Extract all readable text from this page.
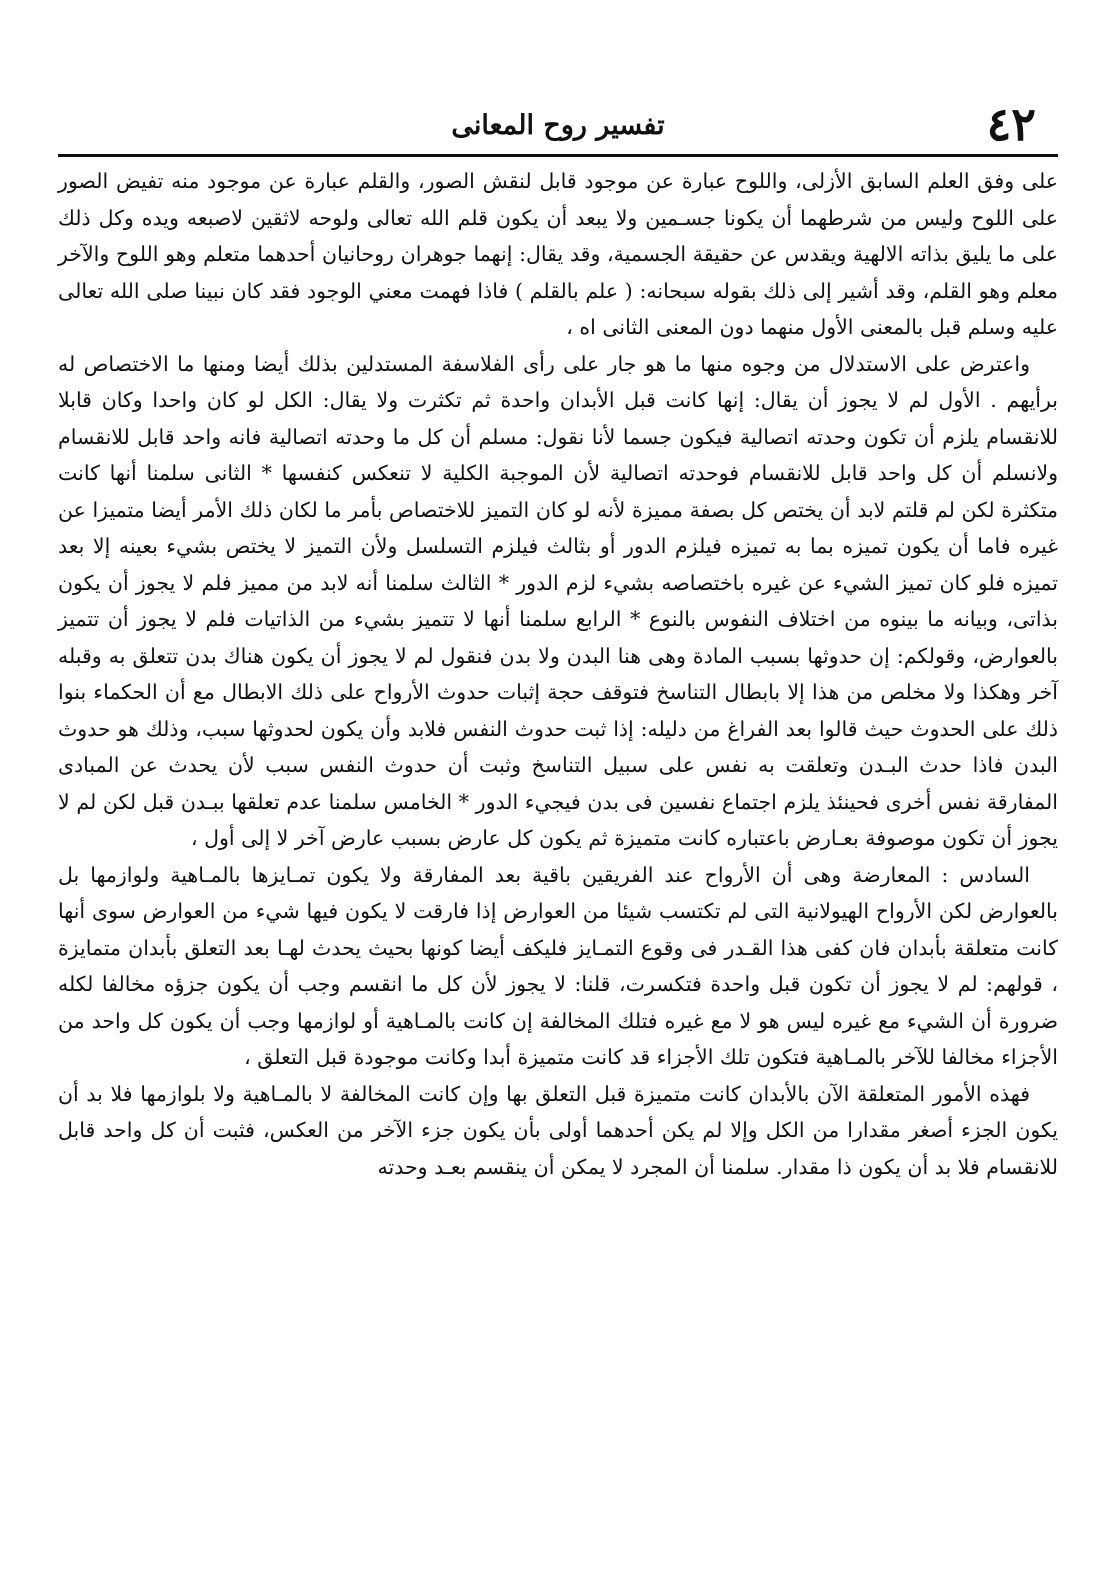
٤٢
تفسير روح المعانى

على وفق العلم السابق الأزلى، واللوح عبارة عن موجود قابل لنقش الصور، والقلم عبارة عن موجود منه تفيض الصور على اللوح وليس من شرطهما أن يكونا جسـمين ولا يبعد أن يكون قلم الله تعالى ولوحه لاثقين لاصبعه ويده وكل ذلك على ما يليق بذاته الالهية ويقدس عن حقيقة الجسمية، وقد يقال: إنهما جوهران روحانيان أحدهما متعلم وهو اللوح والآخر معلم وهو القلم، وقد أشير إلى ذلك بقوله سبحانه: ( علم بالقلم ) فاذا فهمت معني الوجود فقد كان نبينا صلى الله تعالى عليه وسلم قبل بالمعنى الأول منهما دون المعنى الثانى اه ،

واعترض على الاستدلال من وجوه منها ما هو جار على رأى الفلاسفة المستدلين بذلك أيضا ومنها ما الاختصاص له برأيهم . الأول لم لا يجوز أن يقال: إنها كانت قبل الأبدان واحدة ثم تكثرت ولا يقال: الكل لو كان واحدا وكان قابلا للانقسام يلزم أن تكون وحدته اتصالية فيكون جسما لأنا نقول: مسلم أن كل ما وحدته اتصالية فانه واحد قابل للانقسام ولانسلم أن كل واحد قابل للانقسام فوحدته اتصالية لأن الموجبة الكلية لا تنعكس كنفسها * الثانى سلمنا أنها كانت متكثرة لكن لم قلتم لابد أن يختص كل بصفة مميزة لأنه لو كان التميز للاختصاص بأمر ما لكان ذلك الأمر أيضا متميزا عن غيره فاما أن يكون تميزه بما به تميزه فيلزم الدور أو بثالث فيلزم التسلسل ولأن التميز لا يختص بشيء بعينه إلا بعد تميزه فلو كان تميز الشيء عن غيره باختصاصه بشيء لزم الدور * الثالث سلمنا أنه لابد من مميز فلم لا يجوز أن يكون بذاتى، وبيانه ما بينوه من اختلاف النفوس بالنوع * الرابع سلمنا أنها لا تتميز بشيء من الذاتيات فلم لا يجوز أن تتميز بالعوارض، وقولكم: إن حدوثها بسبب المادة وهى هنا البدن ولا بدن فنقول لم لا يجوز أن يكون هناك بدن تتعلق به وقبله آخر وهكذا ولا مخلص من هذا إلا بابطال التناسخ فتوقف حجة إثبات حدوث الأرواح على ذلك الابطال مع أن الحكماء بنوا ذلك على الحدوث حيث قالوا بعد الفراغ من دليله: إذا ثبت حدوث النفس فلابد وأن يكون لحدوثها سبب، وذلك هو حدوث البدن فاذا حدث البـدن وتعلقت به نفس على سبيل التناسخ وثبت أن حدوث النفس سبب لأن يحدث عن المبادى المفارقة نفس أخرى فحينئذ يلزم اجتماع نفسين فى بدن فيجيء الدور * الخامس سلمنا عدم تعلقها ببـدن قبل لكن لم لا يجوز أن تكون موصوفة بعـارض باعتباره كانت متميزة ثم يكون كل عارض بسبب عارض آخر لا إلى أول ،

السادس : المعارضة وهى أن الأرواح عند الفريقين باقية بعد المفارقة ولا يكون تمـايزها بالمـاهية ولوازمها بل بالعوارض لكن الأرواح الهيولانية التى لم تكتسب شيئا من العوارض إذا فارقت لا يكون فيها شيء من العوارض سوى أنها كانت متعلقة بأبدان فان كفى هذا القـدر فى وقوع التمـايز فليكف أيضا كونها بحيث يحدث لهـا بعد التعلق بأبدان متمايزة ، قولهم: لم لا يجوز أن تكون قبل واحدة فتكسرت، قلنا: لا يجوز لأن كل ما انقسم وجب أن يكون جزؤه مخالفا لكله ضرورة أن الشيء مع غيره ليس هو لا مع غيره فتلك المخالفة إن كانت بالمـاهية أو لوازمها وجب أن يكون كل واحد من الأجزاء مخالفا للآخر بالمـاهية فتكون تلك الأجزاء قد كانت متميزة أبدا وكانت موجودة قبل التعلق ،

فهذه الأمور المتعلقة الآن بالأبدان كانت متميزة قبل التعلق بها وإن كانت المخالفة لا بالمـاهية ولا بلوازمها فلا بد أن يكون الجزء أصغر مقدارا من الكل وإلا لم يكن أحدهما أولى بأن يكون جزء الآخر من العكس، فثبت أن كل واحد قابل للانقسام فلا بد أن يكون ذا مقدار. سلمنا أن المجرد لا يمكن أن ينقسم بعـد وحدته
